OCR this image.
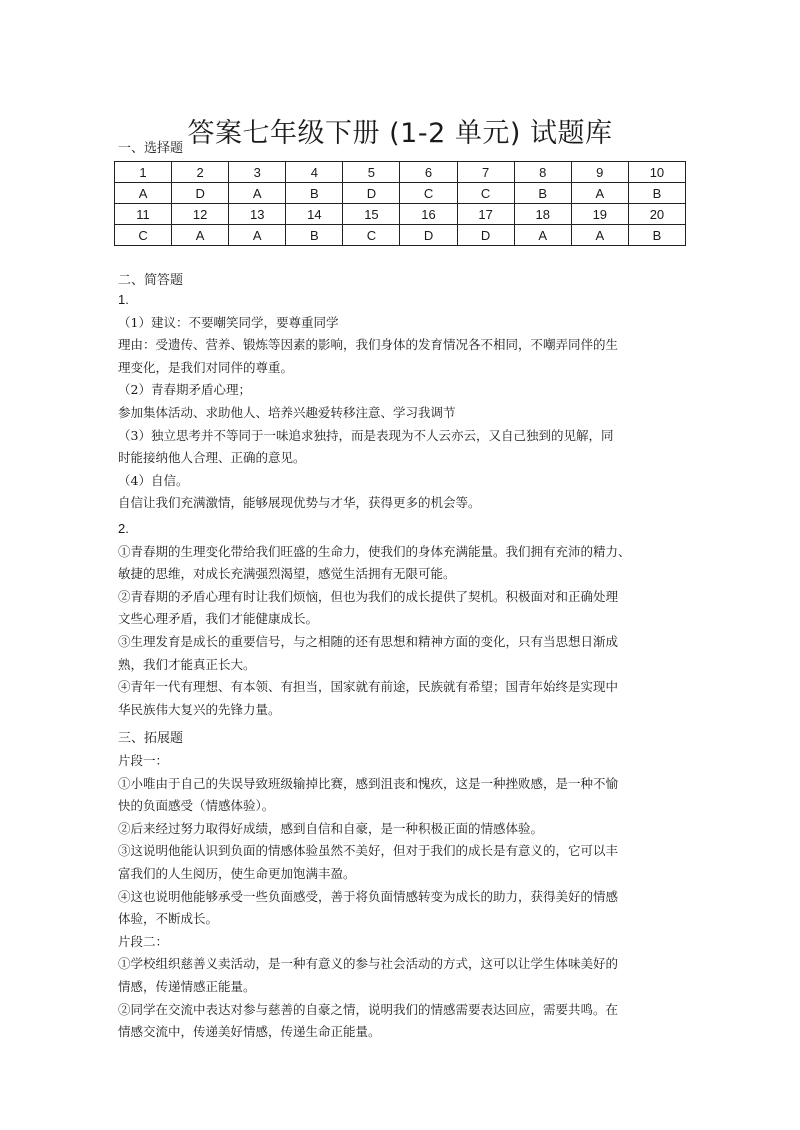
答案七年级下册 (1-2 单元) 试题库
一、选择题
1	2	3	4	5	6	7	8	9	10
A	D	A	B	D	C	C	B	A	B
11	12	13	14	15	16	17	18	19	20
C	A	A	B	C	D	D	A	A	B
二、简答题

1.

（1）建议：不要嘲笑同学，要尊重同学

理由：受遗传、营养、锻炼等因素的影响，我们身体的发育情况各不相同，不嘲弄同伴的生

理变化，是我们对同伴的尊重。

（2）青春期矛盾心理；

参加集体活动、求助他人、培养兴趣爱转移注意、学习我调节

（3）独立思考并不等同于一味追求独持，而是表现为不人云亦云，又自己独到的见解，同

时能接纳他人合理、正确的意见。

（4）自信。

自信让我们充满激情，能够展现优势与才华，获得更多的机会等。

2.

①青春期的生理变化带给我们旺盛的生命力，使我们的身体充满能量。我们拥有充沛的精力、

敏捷的思维，对成长充满强烈渴望，感觉生活拥有无限可能。

②青春期的矛盾心理有时让我们烦恼，但也为我们的成长提供了契机。积极面对和正确处理

文些心理矛盾，我们才能健康成长。

③生理发育是成长的重要信号，与之相随的还有思想和精神方面的变化，只有当思想日渐成

熟，我们才能真正长大。

④青年一代有理想、有本领、有担当，国家就有前途，民族就有希望；国青年始终是实现中

华民族伟大复兴的先锋力量。

三、拓展题

片段一：

①小唯由于自己的失误导致班级输掉比赛，感到沮丧和愧疚，这是一种挫败感，是一种不愉

快的负面感受（情感体验）。

②后来经过努力取得好成绩，感到自信和自豪，是一种积极正面的情感体验。

③这说明他能认识到负面的情感体验虽然不美好，但对于我们的成长是有意义的，它可以丰

富我们的人生阅历，使生命更加饱满丰盈。

④这也说明他能够承受一些负面感受，善于将负面情感转变为成长的助力，获得美好的情感

体验，不断成长。

片段二：

①学校组织慈善义卖活动，是一种有意义的参与社会活动的方式，这可以让学生体味美好的

情感，传递情感正能量。

②同学在交流中表达对参与慈善的自豪之情，说明我们的情感需要表达回应，需要共鸣。在

情感交流中，传递美好情感，传递生命正能量。
